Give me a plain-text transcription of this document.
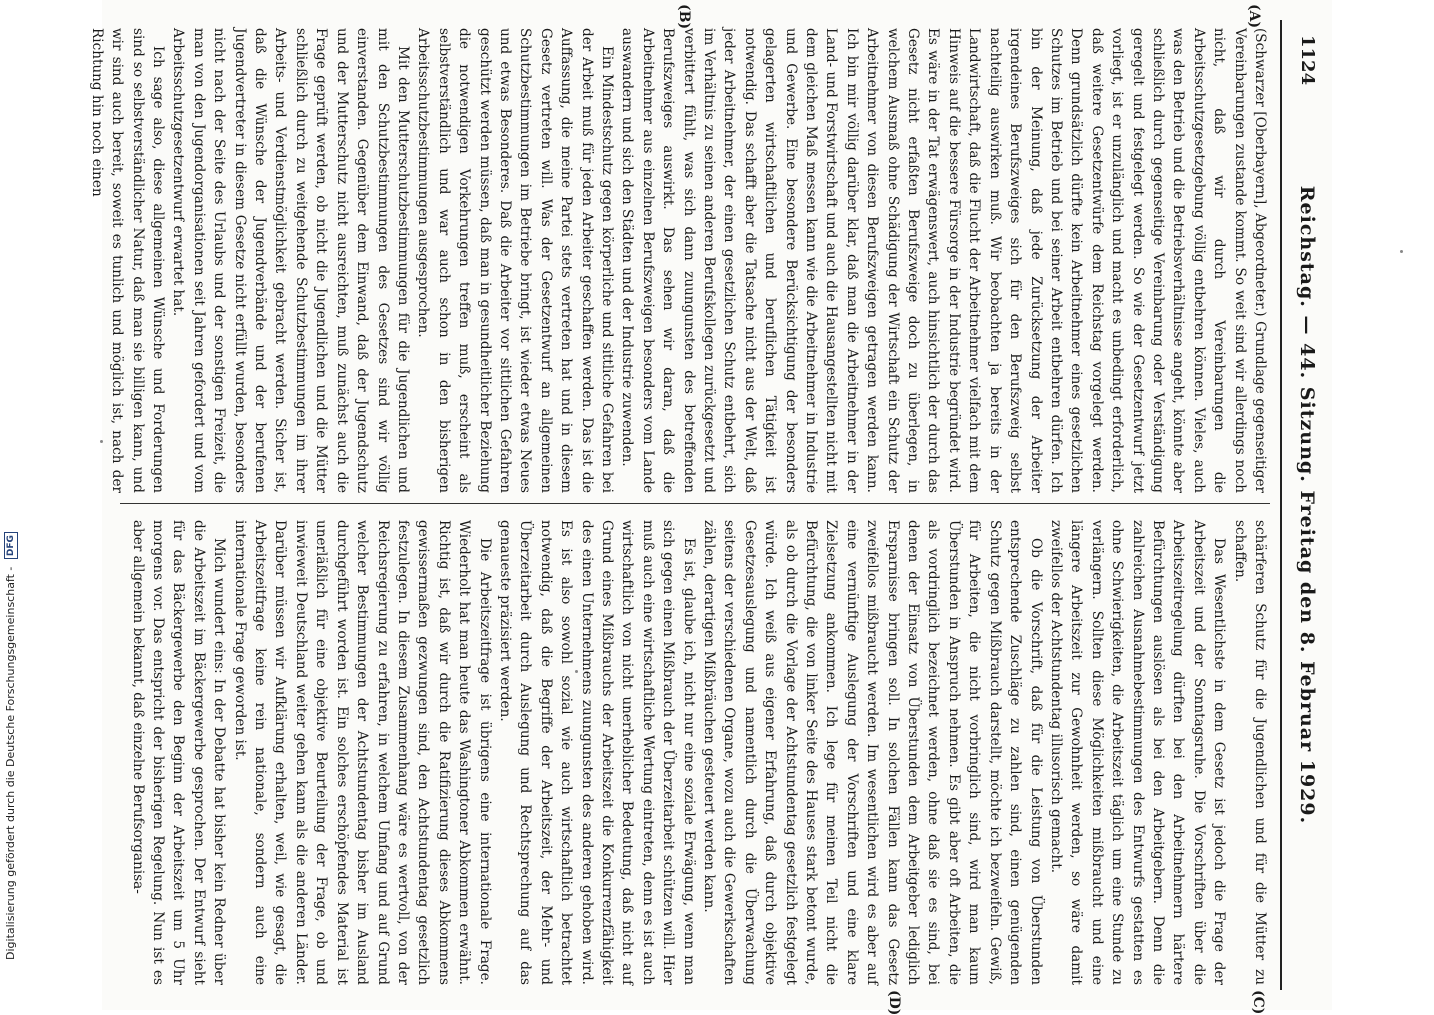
1124
Reichstag. — 44. Sitzung. Freitag den 8. Februar 1929.
(A)
(B)
(C)
(D)

(Schwarzer [Oberbayern], Abgeordneter.) Grundlage gegenseitiger Vereinbarungen zustande kommt. So weit sind wir allerdings noch nicht, daß wir durch Vereinbarungen die Arbeitsschutzgesetzgebung völlig entbehren können. Vieles, auch was den Betrieb und die Betriebsverhältnisse angeht, könnte aber schließlich durch gegenseitige Vereinbarung oder Verständigung geregelt und festgelegt werden. So wie der Gesetzentwurf jetzt vorliegt, ist er unzulänglich und macht es unbedingt erforderlich, daß weitere Gesetzentwürfe dem Reichstag vorgelegt werden. Denn grundsätzlich dürfte kein Arbeitnehmer eines gesetzlichen Schutzes im Betrieb und bei seiner Arbeit entbehren dürfen. Ich bin der Meinung, daß jede Zurücksetzung der Arbeiter irgendeines Berufszweiges sich für den Berufszweig selbst nachteilig auswirken muß. Wir beobachten ja bereits in der Landwirtschaft, daß die Flucht der Arbeitnehmer vielfach mit dem Hinweis auf die bessere Fürsorge in der Industrie begründet wird. Es wäre in der Tat erwägenswert, auch hinsichtlich der durch das Gesetz nicht erfaßten Berufszweige doch zu überlegen, in welchem Ausmaß ohne Schädigung der Wirtschaft ein Schutz der Arbeitnehmer von diesen Berufszweigen getragen werden kann. Ich bin mir völlig darüber klar, daß man die Arbeitnehmer in der Land- und Forstwirtschaft und auch die Hausangestellten nicht mit dem gleichen Maß messen kann wie die Arbeitnehmer in Industrie und Gewerbe. Eine besondere Berücksichtigung der besonders gelagerten wirtschaftlichen und beruflichen Tätigkeit ist notwendig. Das schafft aber die Tatsache nicht aus der Welt, daß jeder Arbeitnehmer, der einen gesetzlichen Schutz entbehrt, sich im Verhältnis zu seinen anderen Berufskollegen zurückgesetzt und verbittert fühlt, was sich dann zuungunsten des betreffenden Berufszweiges auswirkt. Das sehen wir daran, daß die Arbeitnehmer aus einzelnen Berufszweigen besonders vom Lande auswandern und sich den Städten und der Industrie zuwenden.

Ein Mindestschutz gegen körperliche und sittliche Gefahren bei der Arbeit muß für jeden Arbeiter geschaffen werden. Das ist die Auffassung, die meine Partei stets vertreten hat und in diesem Gesetz vertreten will. Was der Gesetzentwurf an allgemeinen Schutzbestimmungen im Betriebe bringt, ist wieder etwas Neues und etwas Besonderes. Daß die Arbeiter vor sittlichen Gefahren geschützt werden müssen, daß man in gesundheitlicher Beziehung die notwendigen Vorkehrungen treffen muß, erscheint als selbstverständlich und war auch schon in den bisherigen Arbeitsschutzbestimmungen ausgesprochen.

Mit den Mutterschutzbestimmungen für die Jugendlichen und mit den Schutzbestimmungen des Gesetzes sind wir völlig einverstanden. Gegenüber dem Einwand, daß der Jugendschutz und der Mutterschutz nicht ausreichten, muß zunächst auch die Frage geprüft werden, ob nicht die Jugendlichen und die Mütter schließlich durch zu weitgehende Schutzbestimmungen im ihrer Arbeits- und Verdienstmöglichkeit gebracht werden. Sicher ist, daß die Wünsche der Jugendverbände und der berufenen Jugendvertreter in diesem Gesetze nicht erfüllt wurden, besonders nicht nach der Seite des Urlaubs und der sonstigen Freizeit, die man von den Jugendorganisationen seit Jahren gefordert und vom Arbeitsschutzgesetzentwurf erwartet hat.

Ich sage also, diese allgemeinen Wünsche und Forderungen sind so selbstverständlicher Natur, daß man sie billigen kann, und wir sind auch bereit, soweit es tunlich und möglich ist, nach der Richtung hin noch einen

schärferen Schutz für die Jugendlichen und für die Mütter zu schaffen.

Das Wesentlichste in dem Gesetz ist jedoch die Frage der Arbeitszeit und der Sonntagsruhe. Die Vorschriften über die Arbeitszeitregelung dürften bei den Arbeitnehmern härtere Befürchtungen auslösen als bei den Arbeitgebern. Denn die zahlreichen Ausnahmebestimmungen des Entwurfs gestatten es ohne Schwierigkeiten, die Arbeitszeit täglich um eine Stunde zu verlängern. Sollten diese Möglichkeiten mißbraucht und eine längere Arbeitszeit zur Gewohnheit werden, so wäre damit zweifellos der Achtstundentag illusorisch gemacht.

Ob die Vorschrift, daß für die Leistung von Überstunden entsprechende Zuschläge zu zahlen sind, einen genügenden Schutz gegen Mißbrauch darstellt, möchte ich bezweifeln. Gewiß, für Arbeiten, die nicht vorbringlich sind, wird man kaum Überstunden in Anspruch nehmen. Es gibt aber oft Arbeiten, die als vordringlich bezeichnet werden, ohne daß sie es sind, bei denen der Einsatz von Überstunden dem Arbeitgeber lediglich Ersparnisse bringen soll. In solchen Fällen kann das Gesetz zweifellos mißbraucht werden. Im wesentlichen wird es aber auf eine vernünftige Auslegung der Vorschriften und eine klare Zielsetzung ankommen. Ich lege für meinen Teil nicht die Befürchtung, die von linker Seite des Hauses stark betont wurde, als ob durch die Vorlage der Achtstundentag gesetzlich festgelegt würde. Ich weiß aus eigener Erfahrung, daß durch objektive Gesetzesauslegung und namentlich durch die Überwachung seitens der verschiedenen Organe, wozu auch die Gewerkschaften zählen, derartigen Mißbräuchen gesteuert werden kann.

Es ist, glaube ich, nicht nur eine soziale Erwägung, wenn man sich gegen einen Mißbrauch der Überzeitarbeit schützen will. Hier muß auch eine wirtschaftliche Wertung eintreten, denn es ist auch wirtschaftlich von nicht unerheblicher Bedeutung, daß nicht auf Grund eines Mißbrauchs der Arbeitszeit die Konkurrenzfähigkeit des einen Unternehmens zuungunsten des anderen gehoben wird. Es ist also sowohl sozial wie auch wirtschaftlich betrachtet notwendig, daß die Begriffe der Arbeitszeit, der Mehr- und Überzeitarbeit durch Auslegung und Rechtsprechung auf das genaueste präzisiert werden.

Die Arbeitszeitfrage ist übrigens eine internationale Frage. Wiederholt hat man heute das Washingtoner Abkommen erwähnt. Richtig ist, daß wir durch die Ratifizierung dieses Abkommens gewissermaßen gezwungen sind, den Achtstundentag gesetzlich festzulegen. In diesem Zusammenhang wäre es wertvoll, von der Reichsregierung zu erfahren, in welchem Umfang und auf Grund welcher Bestimmungen der Achtstundentag bisher im Ausland durchgeführt worden ist. Ein solches erschöpfendes Material ist unerläßlich für eine objektive Beurteilung der Frage, ob und inwieweit Deutschland weiter gehen kann als die anderen Länder. Darüber müssen wir Aufklärung erhalten, weil, wie gesagt, die Arbeitszeitfrage keine rein nationale, sondern auch eine internationale Frage geworden ist.

Mich wundert eins: In der Debatte hat bisher kein Redner über die Arbeitszeit im Bäckergewerbe gesprochen. Der Entwurf sieht für das Bäckergewerbe den Beginn der Arbeitszeit um 5 Uhr morgens vor. Das entspricht der bisherigen Regelung. Nun ist es aber allgemein bekannt, daß einzelne Berufsorganisa-

Digitalisierung gefördert durch die Deutsche Forschungsgemeinschaft - DFG
